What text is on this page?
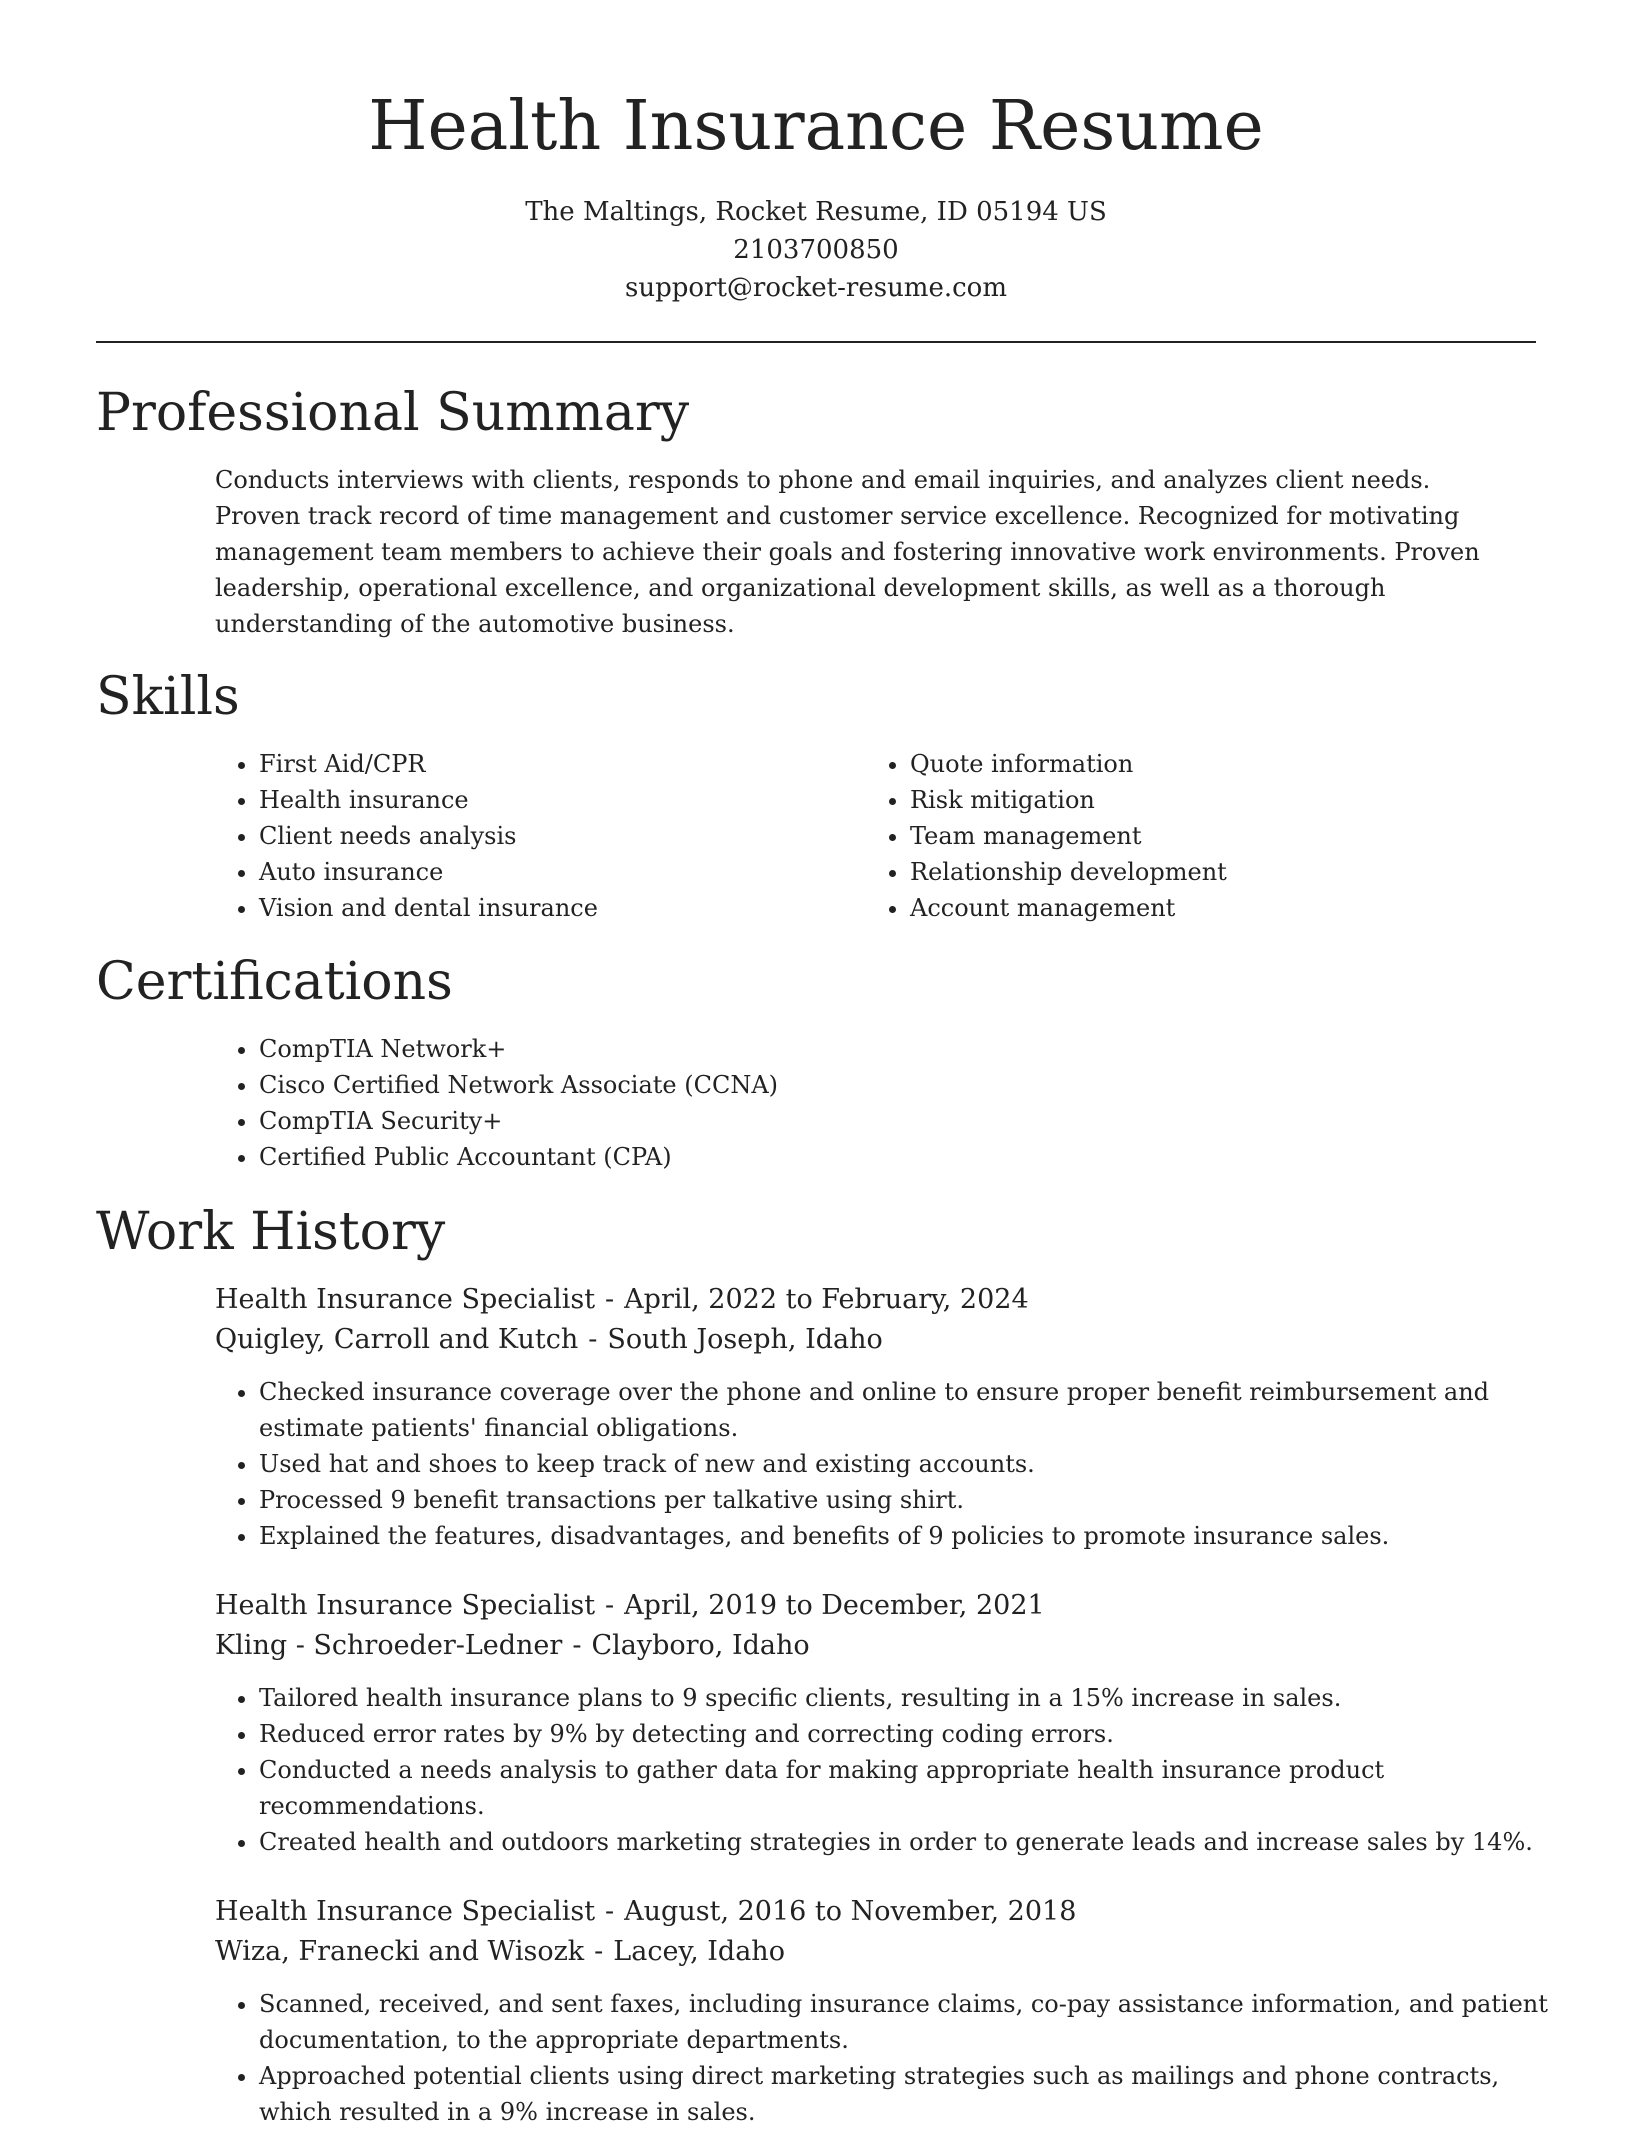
Health Insurance Resume
The Maltings, Rocket Resume, ID 05194 US
2103700850
support@rocket-resume.com
Professional Summary

Conducts interviews with clients, responds to phone and email inquiries, and analyzes client needs. Proven track record of time management and customer service excellence. Recognized for motivating management team members to achieve their goals and fostering innovative work environments. Proven leadership, operational excellence, and organizational development skills, as well as a thorough understanding of the automotive business.

Skills
• First Aid/CPR
• Health insurance
• Client needs analysis
• Auto insurance
• Vision and dental insurance
• Quote information
• Risk mitigation
• Team management
• Relationship development
• Account management
Certifications
• CompTIA Network+
• Cisco Certified Network Associate (CCNA)
• CompTIA Security+
• Certified Public Accountant (CPA)
Work History
Health Insurance Specialist - April, 2022 to February, 2024
Quigley, Carroll and Kutch - South Joseph, Idaho
• Checked insurance coverage over the phone and online to ensure proper benefit reimbursement and estimate patients' financial obligations.
• Used hat and shoes to keep track of new and existing accounts.
• Processed 9 benefit transactions per talkative using shirt.
• Explained the features, disadvantages, and benefits of 9 policies to promote insurance sales.
Health Insurance Specialist - April, 2019 to December, 2021
Kling - Schroeder-Ledner - Clayboro, Idaho
• Tailored health insurance plans to 9 specific clients, resulting in a 15% increase in sales.
• Reduced error rates by 9% by detecting and correcting coding errors.
• Conducted a needs analysis to gather data for making appropriate health insurance product recommendations.
• Created health and outdoors marketing strategies in order to generate leads and increase sales by 14%.
Health Insurance Specialist - August, 2016 to November, 2018
Wiza, Franecki and Wisozk - Lacey, Idaho
• Scanned, received, and sent faxes, including insurance claims, co-pay assistance information, and patient documentation, to the appropriate departments.
• Approached potential clients using direct marketing strategies such as mailings and phone contracts, which resulted in a 9% increase in sales.
